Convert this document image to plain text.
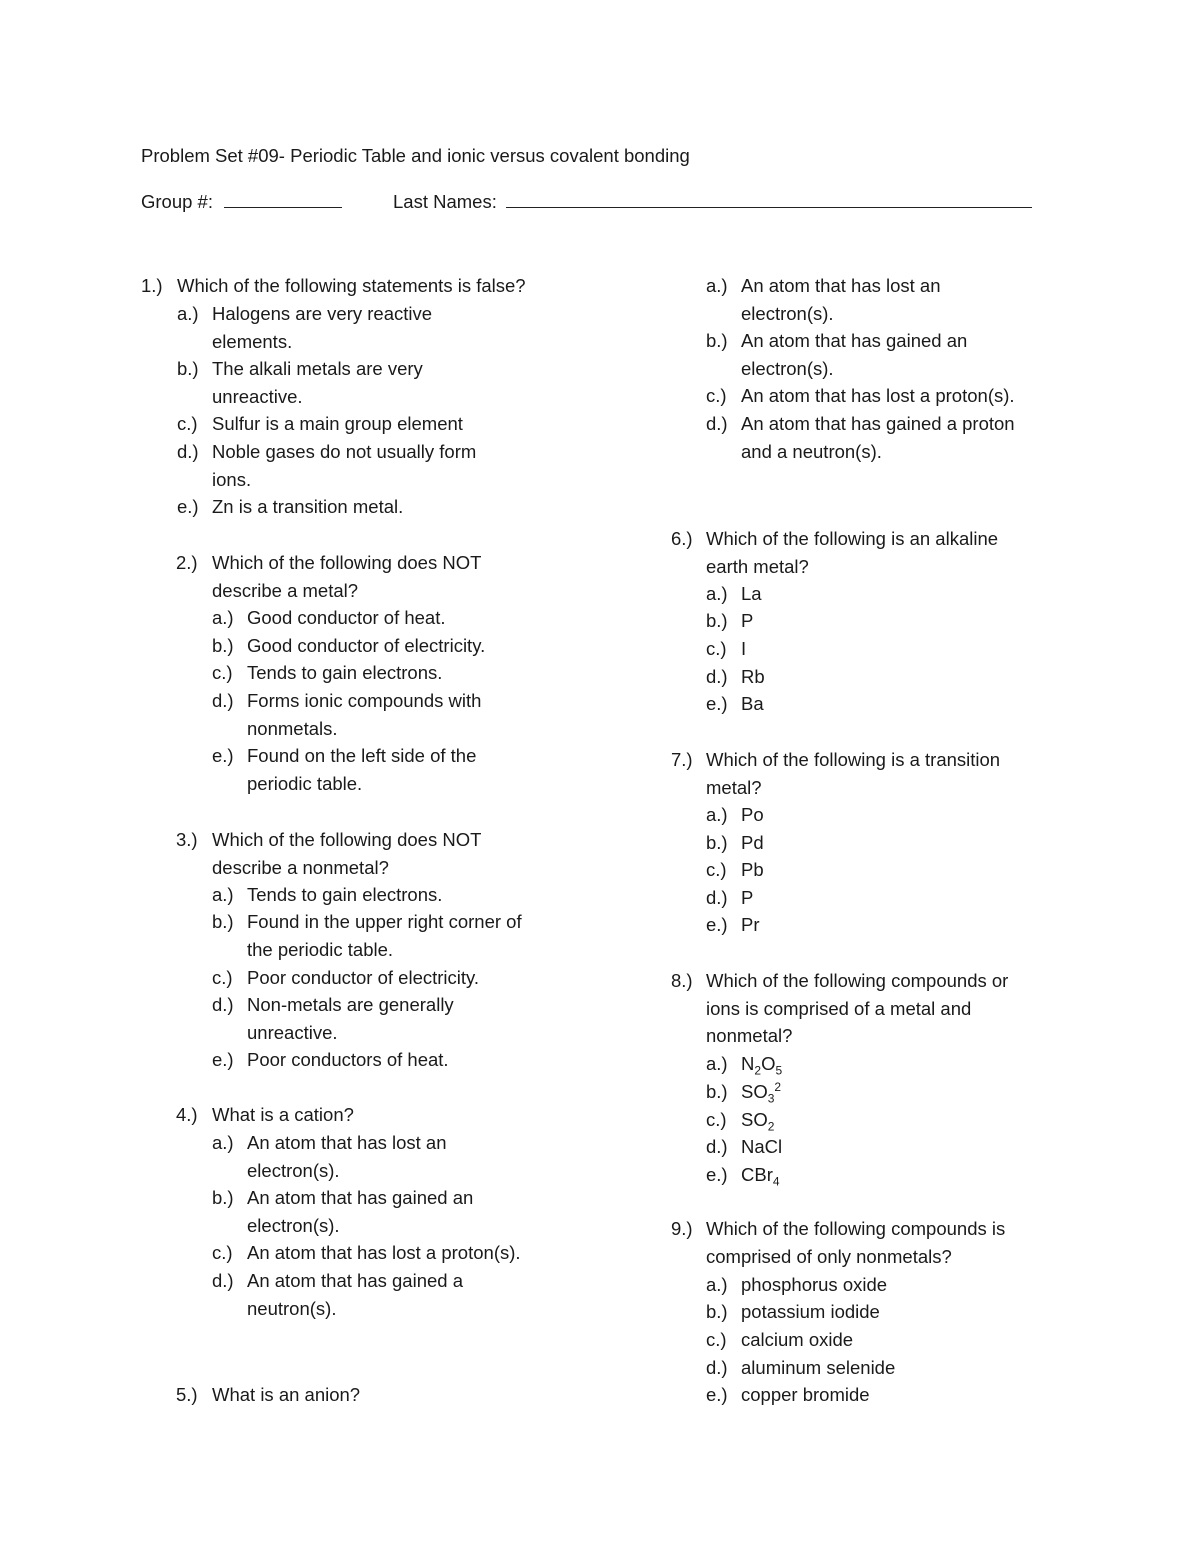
Problem Set #09- Periodic Table and ionic versus covalent bonding
Group #:	Last Names:
1.) Which of the following statements is false?
a.) Halogens are very reactive
elements.
b.) The alkali metals are very
unreactive.
c.) Sulfur is a main group element
d.) Noble gases do not usually form
ions.
e.) Zn is a transition metal.
2.) Which of the following does NOT
describe a metal?
a.) Good conductor of heat.
b.) Good conductor of electricity.
c.) Tends to gain electrons.
d.) Forms ionic compounds with
nonmetals.
e.) Found on the left side of the
periodic table.
3.) Which of the following does NOT
describe a nonmetal?
a.) Tends to gain electrons.
b.) Found in the upper right corner of
the periodic table.
c.) Poor conductor of electricity.
d.) Non-metals are generally
unreactive.
e.) Poor conductors of heat.
4.) What is a cation?
a.) An atom that has lost an
electron(s).
b.) An atom that has gained an
electron(s).
c.) An atom that has lost a proton(s).
d.) An atom that has gained a
neutron(s).
6.) Which of the following is an alkaline
earth metal?
a.) La
b.) P
c.) I
d.) Rb
e.) Ba
7.) Which of the following is a transition
metal?
a.) Po
b.) Pd
c.) Pb
d.) P
e.) Pr
8.) Which of the following compounds or
ions is comprised of a metal and
nonmetal?
a.) $N_2O_5$
b.) $SO_3^2$
c.) $SO_2$
d.) NaCl
e.) CBr$_4$
9.) Which of the following compounds is
comprised of only nonmetals?
a.) phosphorus oxide
b.) potassium iodide
c.) calcium oxide
d.) aluminum selenide
e.) copper bromide
5.) What is an anion?
a.) An atom that has lost an
electron(s).
b.) An atom that has gained an
electron(s).
c.) An atom that has lost a proton(s).
d.) An atom that has gained a proton
and a neutron(s).
